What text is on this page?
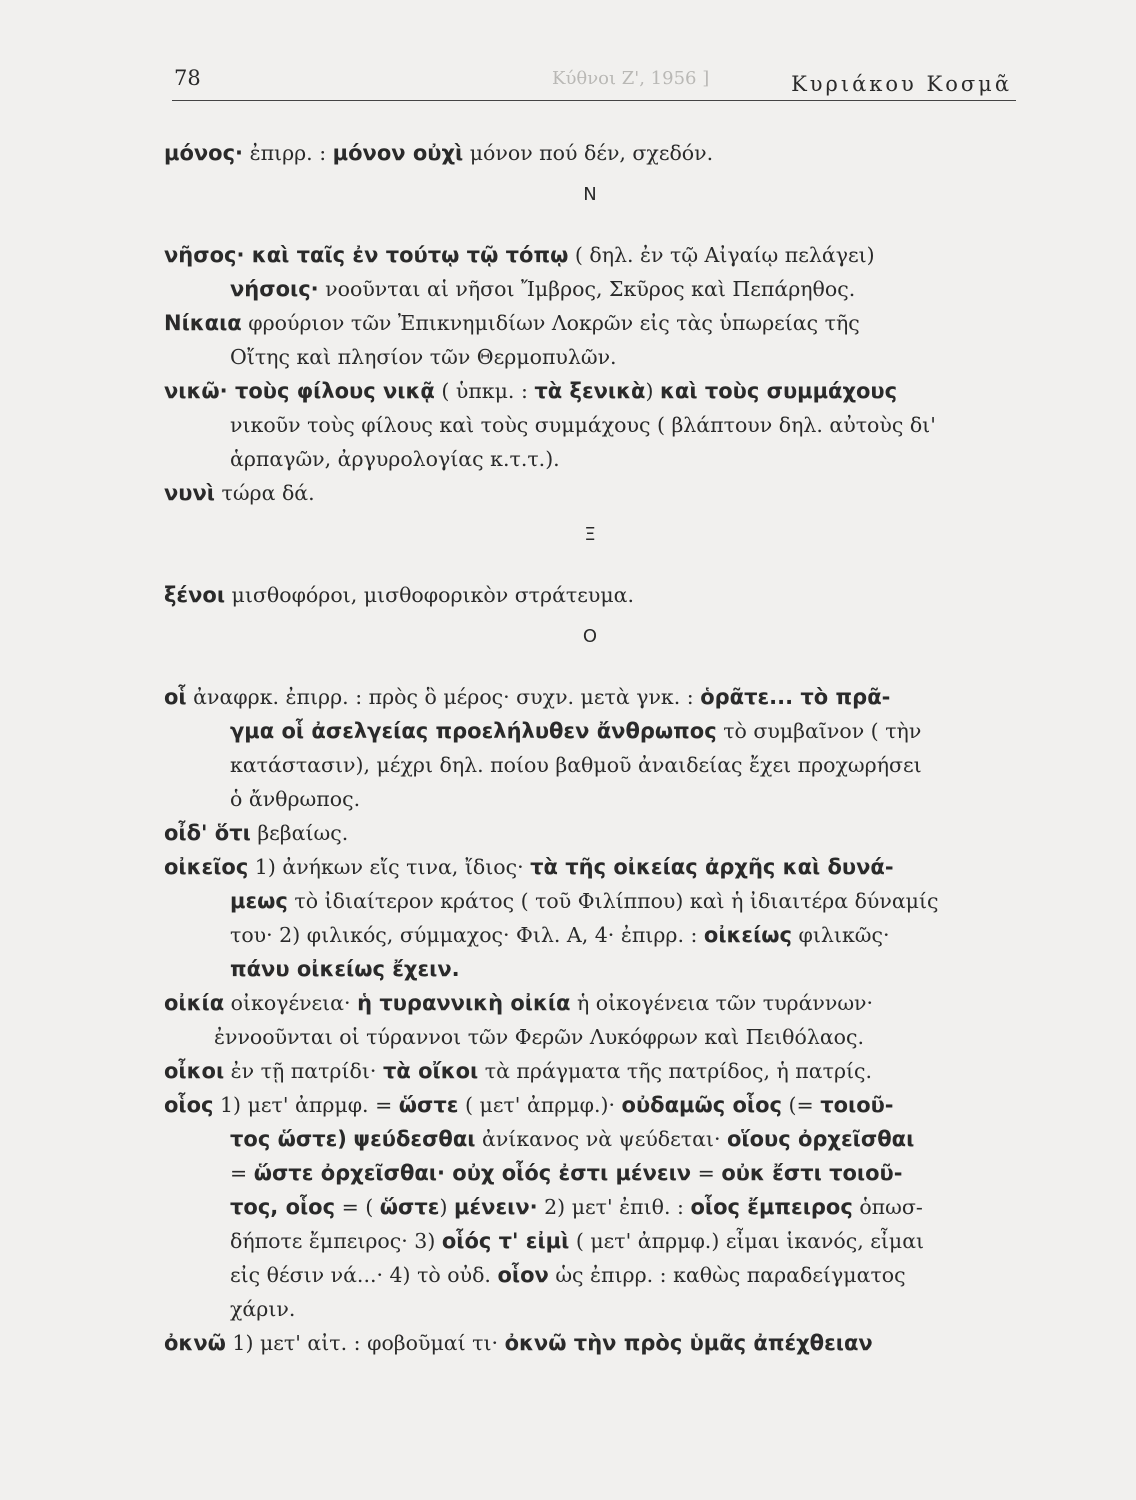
78	Κύθνοι Ζ', 1956 ]	Κυριάκου Κοσμᾶ
μόνος· ἐπιρρ. : μόνον οὐχὶ μόνον πού δέν, σχεδόν.
Ν
νῆσος· καὶ ταῖς ἐν τούτῳ τῷ τόπῳ ( δηλ. ἐν τῷ Αἰγαίῳ πελάγει)
νήσοις· νοοῦνται αἱ νῆσοι Ἴμβρος, Σκῦρος καὶ Πεπάρηθος.
Νίκαια φρούριον τῶν Ἐπικνημιδίων Λοκρῶν εἰς τὰς ὑπωρείας τῆς
Οἴτης καὶ πλησίον τῶν Θερμοπυλῶν.
νικῶ· τοὺς φίλους νικᾷ ( ὑπκμ. : τὰ ξενικὰ) καὶ τοὺς συμμάχους
νικοῦν τοὺς φίλους καὶ τοὺς συμμάχους ( βλάπτουν δηλ. αὐτοὺς δι'
ἁρπαγῶν, ἀργυρολογίας κ.τ.τ.).
νυνὶ τώρα δά.
Ξ
ξένοι μισθοφόροι, μισθοφορικὸν στράτευμα.
Ο
οἷ ἀναφρκ. ἐπιρρ. : πρὸς ὃ μέρος· συχν. μετὰ γνκ. : ὁρᾶτε... τὸ πρᾶ-
γμα οἷ ἀσελγείας προελήλυθεν ἄνθρωπος τὸ συμβαῖνον ( τὴν
κατάστασιν), μέχρι δηλ. ποίου βαθμοῦ ἀναιδείας ἔχει προχωρήσει
ὁ ἄνθρωπος.
οἶδ' ὅτι βεβαίως.
οἰκεῖος 1) ἀνήκων εἴς τινα, ἴδιος· τὰ τῆς οἰκείας ἀρχῆς καὶ δυνά-
μεως τὸ ἰδιαίτερον κράτος ( τοῦ Φιλίππου) καὶ ἡ ἰδιαιτέρα δύναμίς
του· 2) φιλικός, σύμμαχος· Φιλ. Α, 4· ἐπιρρ. : οἰκείως φιλικῶς·
πάνυ οἰκείως ἔχειν.
οἰκία οἰκογένεια· ἡ τυραννικὴ οἰκία ἡ οἰκογένεια τῶν τυράννων·
ἐννοοῦνται οἱ τύραννοι τῶν Φερῶν Λυκόφρων καὶ Πειθόλαος.
οἶκοι ἐν τῇ πατρίδι· τὰ οἴκοι τὰ πράγματα τῆς πατρίδος, ἡ πατρίς.
οἷος 1) μετ' ἀπρμφ. = ὥστε ( μετ' ἀπρμφ.)· οὐδαμῶς οἷος (= τοιοῦ-
τος ὥστε) ψεύδεσθαι ἀνίκανος νὰ ψεύδεται· οἵους ὀρχεῖσθαι
= ὥστε ὀρχεῖσθαι· οὐχ οἷός ἐστι μένειν = οὐκ ἔστι τοιοῦ-
τος, οἷος = ( ὥστε) μένειν· 2) μετ' ἐπιθ. : οἷος ἔμπειρος ὁπωσ-
δήποτε ἔμπειρος· 3) οἷός τ' εἰμὶ ( μετ' ἀπρμφ.) εἶμαι ἱκανός, εἶμαι
εἰς θέσιν νά...· 4) τὸ οὐδ. οἷον ὡς ἐπιρρ. : καθὼς παραδείγματος
χάριν.
ὀκνῶ 1) μετ' αἰτ. : φοβοῦμαί τι· ὀκνῶ τὴν πρὸς ὑμᾶς ἀπέχθειαν
